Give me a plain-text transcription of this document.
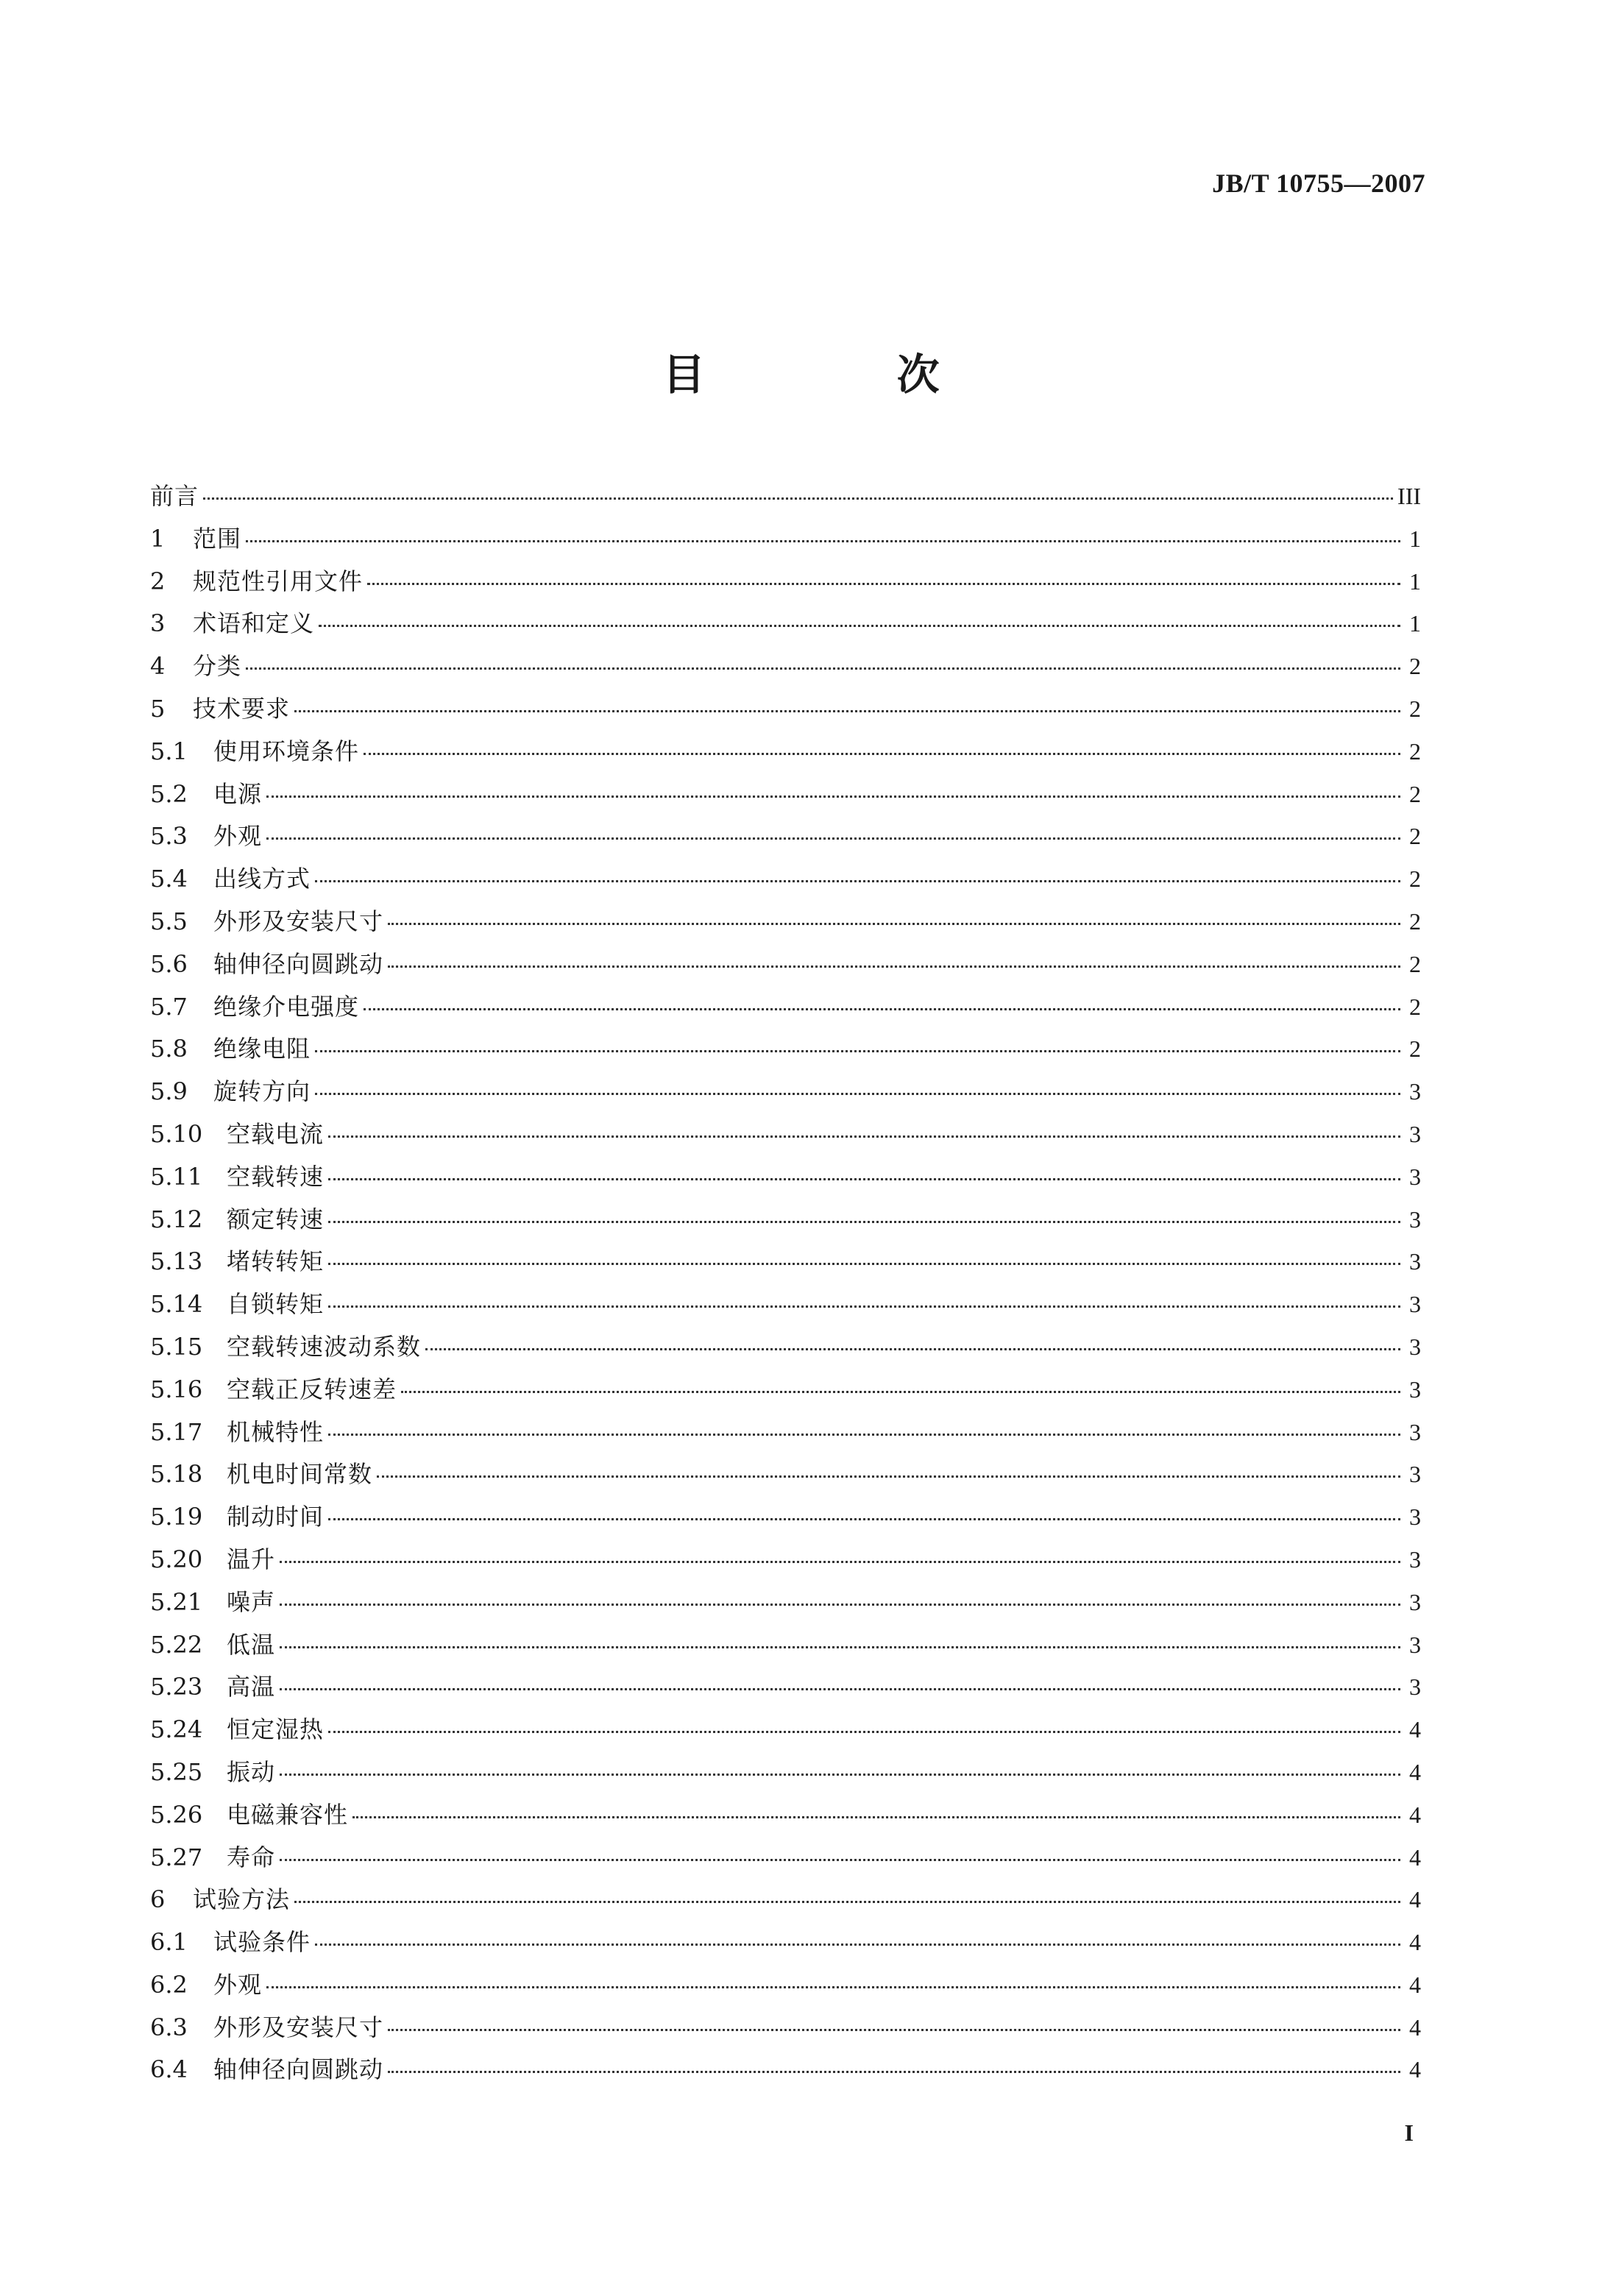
JB/T 10755—2007
目 次
前言	III
1	范围	1
2	规范性引用文件	1
3	术语和定义	1
4	分类	2
5	技术要求	2
5.1	使用环境条件	2
5.2	电源	2
5.3	外观	2
5.4	出线方式	2
5.5	外形及安装尺寸	2
5.6	轴伸径向圆跳动	2
5.7	绝缘介电强度	2
5.8	绝缘电阻	2
5.9	旋转方向	3
5.10	空载电流	3
5.11	空载转速	3
5.12	额定转速	3
5.13	堵转转矩	3
5.14	自锁转矩	3
5.15	空载转速波动系数	3
5.16	空载正反转速差	3
5.17	机械特性	3
5.18	机电时间常数	3
5.19	制动时间	3
5.20	温升	3
5.21	噪声	3
5.22	低温	3
5.23	高温	3
5.24	恒定湿热	4
5.25	振动	4
5.26	电磁兼容性	4
5.27	寿命	4
6	试验方法	4
6.1	试验条件	4
6.2	外观	4
6.3	外形及安装尺寸	4
6.4	轴伸径向圆跳动	4
I
